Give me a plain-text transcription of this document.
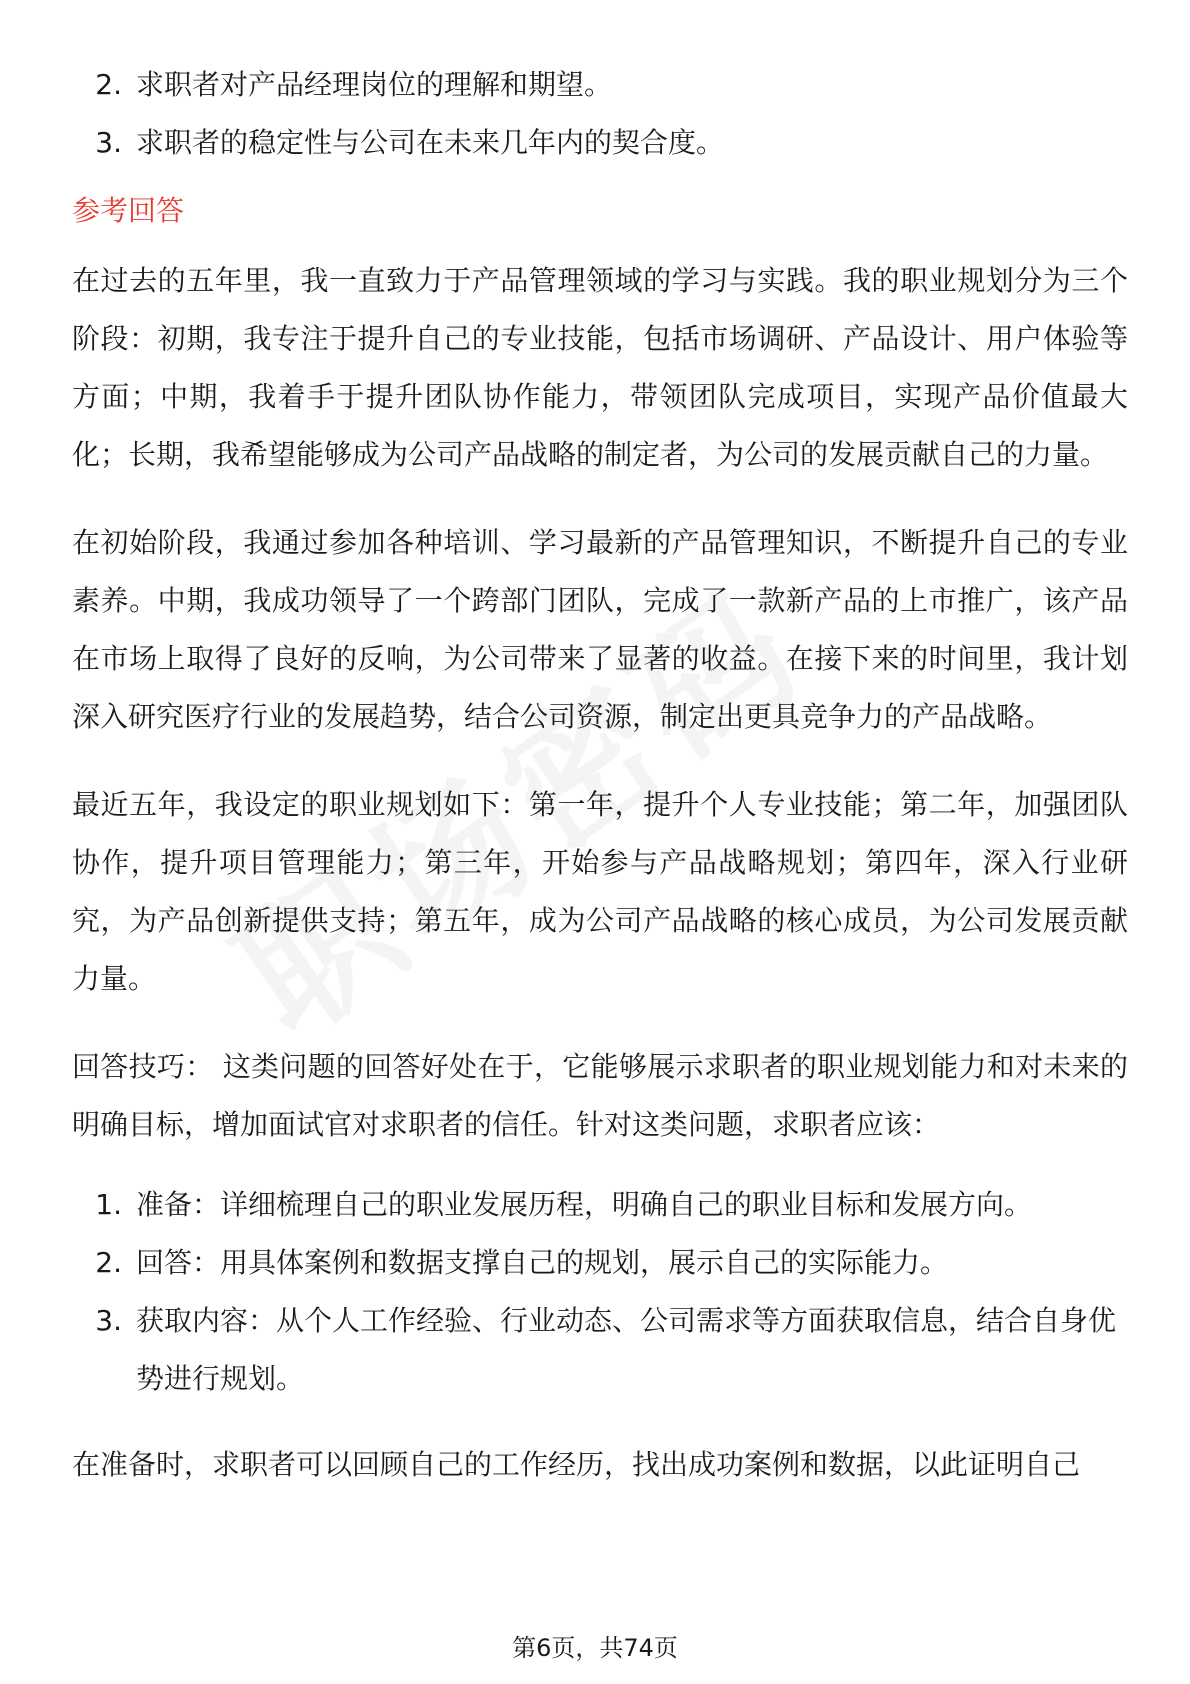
2. 求职者对产品经理岗位的理解和期望。
3. 求职者的稳定性与公司在未来几年内的契合度。
参考回答

在过去的五年里，我一直致力于产品管理领域的学习与实践。我的职业规划分为三个阶段：初期，我专注于提升自己的专业技能，包括市场调研、产品设计、用户体验等方面；中期，我着手于提升团队协作能力，带领团队完成项目，实现产品价值最大化；长期，我希望能够成为公司产品战略的制定者，为公司的发展贡献自己的力量。

在初始阶段，我通过参加各种培训、学习最新的产品管理知识，不断提升自己的专业素养。中期，我成功领导了一个跨部门团队，完成了一款新产品的上市推广，该产品在市场上取得了良好的反响，为公司带来了显著的收益。在接下来的时间里，我计划深入研究医疗行业的发展趋势，结合公司资源，制定出更具竞争力的产品战略。

最近五年，我设定的职业规划如下：第一年，提升个人专业技能；第二年，加强团队协作，提升项目管理能力；第三年，开始参与产品战略规划；第四年，深入行业研究，为产品创新提供支持；第五年，成为公司产品战略的核心成员，为公司发展贡献力量。

回答技巧： 这类问题的回答好处在于，它能够展示求职者的职业规划能力和对未来的明确目标，增加面试官对求职者的信任。针对这类问题，求职者应该：

1. 准备：详细梳理自己的职业发展历程，明确自己的职业目标和发展方向。
2. 回答：用具体案例和数据支撑自己的规划，展示自己的实际能力。
3. 获取内容：从个人工作经验、行业动态、公司需求等方面获取信息，结合自身优势进行规划。

在准备时，求职者可以回顾自己的工作经历，找出成功案例和数据，以此证明自己

第6页，共74页
